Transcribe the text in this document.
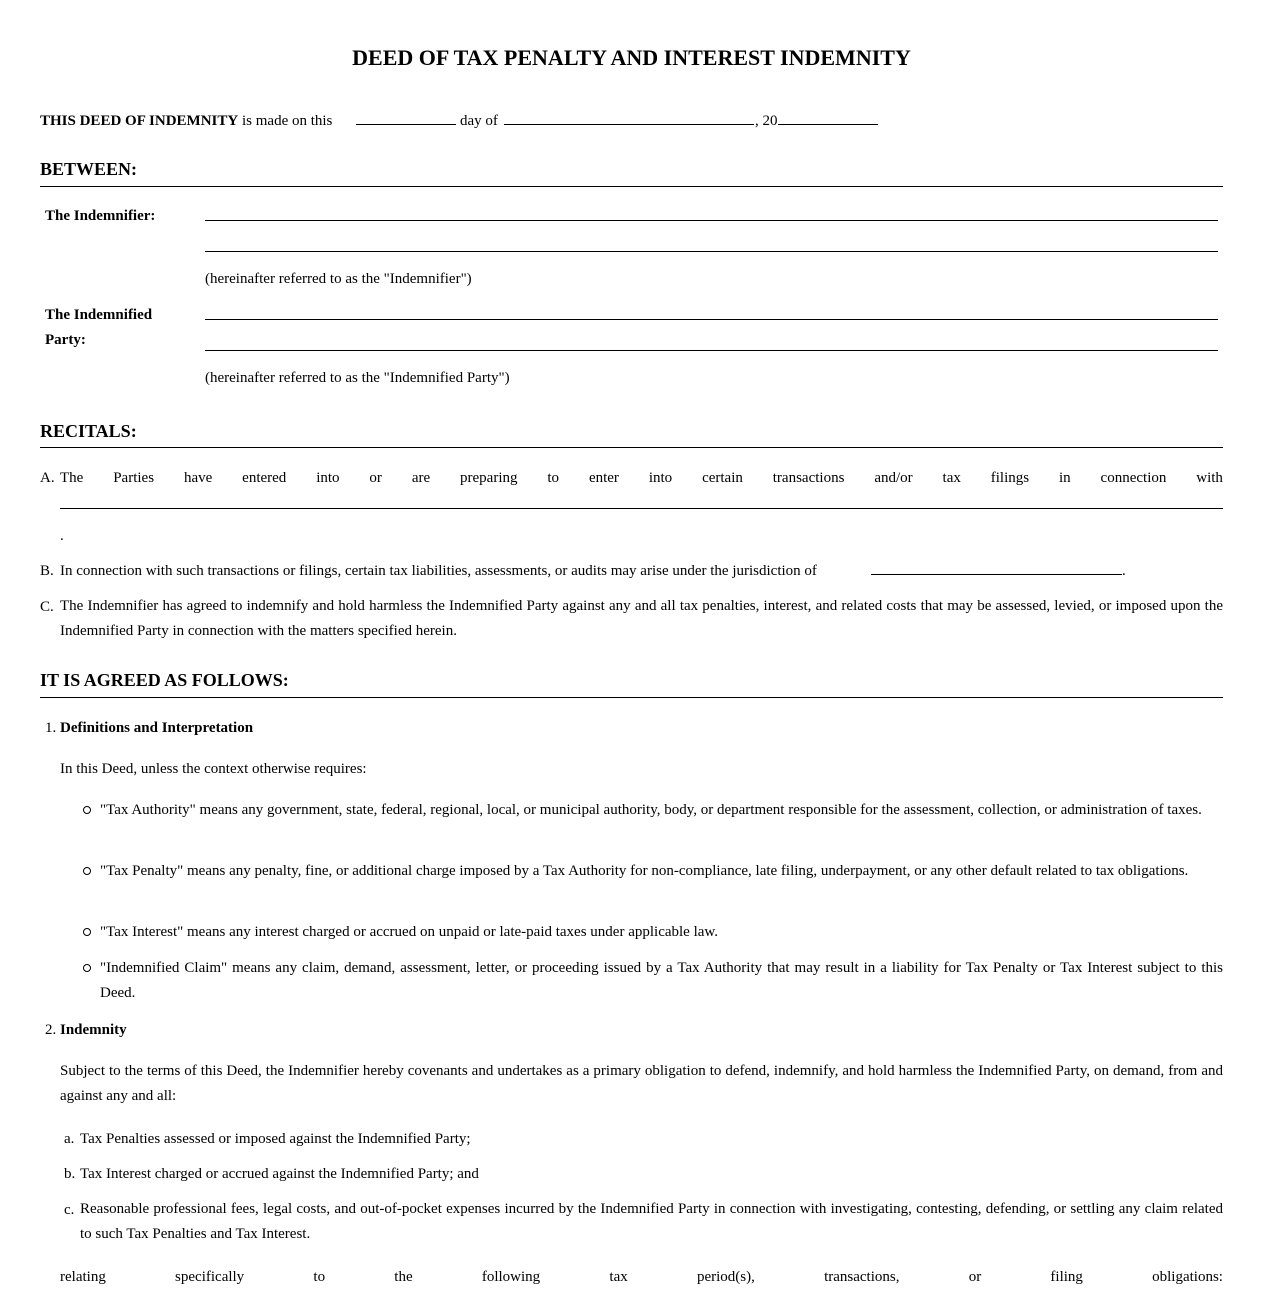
DEED OF TAX PENALTY AND INTEREST INDEMNITY
THIS DEED OF INDEMNITY is made on this	day of	, 20
BETWEEN:
The Indemnifier:
(hereinafter referred to as the "Indemnifier")
The Indemnified
Party:
(hereinafter referred to as the "Indemnified Party")
RECITALS:
A. The Parties have entered into or are preparing to enter into certain transactions and/or tax filings in connection with
.
B. In connection with such transactions or filings, certain tax liabilities, assessments, or audits may arise under the jurisdiction of	.
C. The Indemnifier has agreed to indemnify and hold harmless the Indemnified Party against any and all tax penalties, interest, and related costs that may be assessed, levied, or imposed upon the Indemnified Party in connection with the matters specified herein.
IT IS AGREED AS FOLLOWS:
1. Definitions and Interpretation
In this Deed, unless the context otherwise requires:
"Tax Authority" means any government, state, federal, regional, local, or municipal authority, body, or department responsible for the assessment, collection, or administration of taxes.
"Tax Penalty" means any penalty, fine, or additional charge imposed by a Tax Authority for non-compliance, late filing, underpayment, or any other default related to tax obligations.
"Tax Interest" means any interest charged or accrued on unpaid or late-paid taxes under applicable law.
"Indemnified Claim" means any claim, demand, assessment, letter, or proceeding issued by a Tax Authority that may result in a liability for Tax Penalty or Tax Interest subject to this Deed.
2. Indemnity
Subject to the terms of this Deed, the Indemnifier hereby covenants and undertakes as a primary obligation to defend, indemnify, and hold harmless the Indemnified Party, on demand, from and against any and all:
a. Tax Penalties assessed or imposed against the Indemnified Party;
b. Tax Interest charged or accrued against the Indemnified Party; and
c. Reasonable professional fees, legal costs, and out-of-pocket expenses incurred by the Indemnified Party in connection with investigating, contesting, defending, or settling any claim related to such Tax Penalties and Tax Interest.
relating	specifically	to	the	following	tax	period(s),	transactions,	or	filing	obligations:
